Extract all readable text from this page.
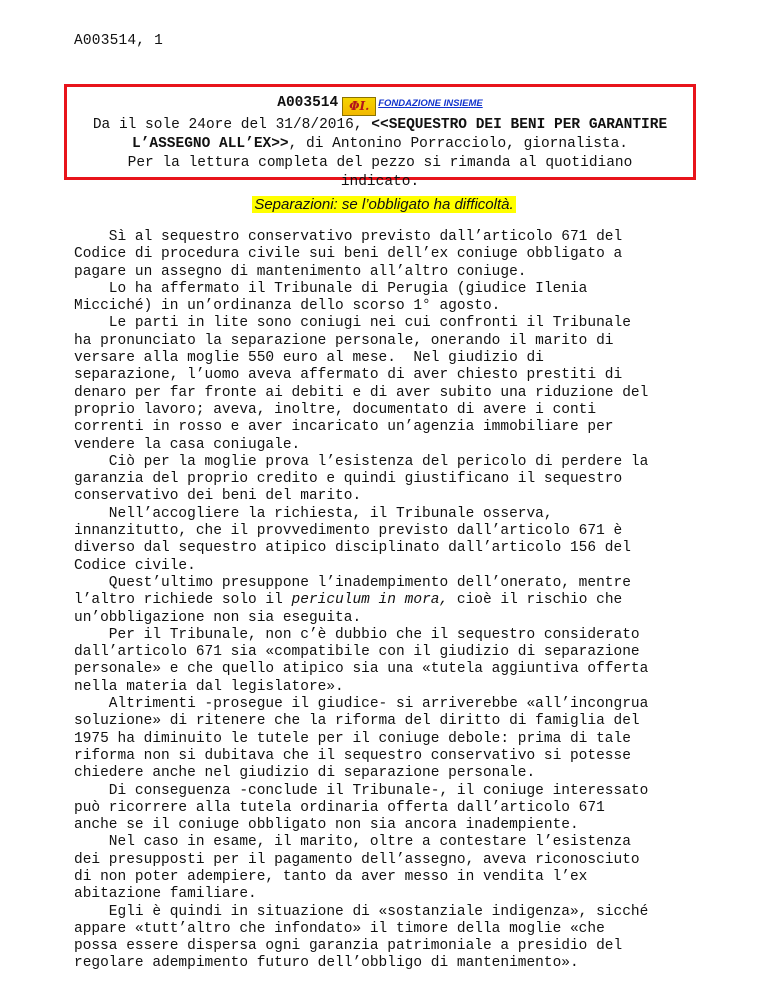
A003514, 1
A003514 ΦI. FONDAZIONE INSIEME
Da il sole 24ore del 31/8/2016, <<SEQUESTRO DEI BENI PER GARANTIRE
L’ASSEGNO ALL’EX>>, di Antonino Porracciolo, giornalista.
Per la lettura completa del pezzo si rimanda al quotidiano
indicato.
Separazioni: se l’obbligato ha difficoltà.
Sì al sequestro conservativo previsto dall’articolo 671 del
Codice di procedura civile sui beni dell’ex coniuge obbligato a
pagare un assegno di mantenimento all’altro coniuge.
Lo ha affermato il Tribunale di Perugia (giudice Ilenia
Micciché) in un’ordinanza dello scorso 1° agosto.
Le parti in lite sono coniugi nei cui confronti il Tribunale
ha pronunciato la separazione personale, onerando il marito di
versare alla moglie 550 euro al mese.  Nel giudizio di
separazione, l’uomo aveva affermato di aver chiesto prestiti di
denaro per far fronte ai debiti e di aver subito una riduzione del
proprio lavoro; aveva, inoltre, documentato di avere i conti
correnti in rosso e aver incaricato un’agenzia immobiliare per
vendere la casa coniugale.
Ciò per la moglie prova l’esistenza del pericolo di perdere la
garanzia del proprio credito e quindi giustificano il sequestro
conservativo dei beni del marito.
Nell’accogliere la richiesta, il Tribunale osserva,
innanzitutto, che il provvedimento previsto dall’articolo 671 è
diverso dal sequestro atipico disciplinato dall’articolo 156 del
Codice civile.
Quest’ultimo presuppone l’inadempimento dell’onerato, mentre
l’altro richiede solo il periculum in mora, cioè il rischio che
un’obbligazione non sia eseguita.
Per il Tribunale, non c’è dubbio che il sequestro considerato
dall’articolo 671 sia «compatibile con il giudizio di separazione
personale» e che quello atipico sia una «tutela aggiuntiva offerta
nella materia dal legislatore».
Altrimenti -prosegue il giudice- si arriverebbe «all’incongrua
soluzione» di ritenere che la riforma del diritto di famiglia del
1975 ha diminuito le tutele per il coniuge debole: prima di tale
riforma non si dubitava che il sequestro conservativo si potesse
chiedere anche nel giudizio di separazione personale.
Di conseguenza -conclude il Tribunale-, il coniuge interessato
può ricorrere alla tutela ordinaria offerta dall’articolo 671
anche se il coniuge obbligato non sia ancora inadempiente.
Nel caso in esame, il marito, oltre a contestare l’esistenza
dei presupposti per il pagamento dell’assegno, aveva riconosciuto
di non poter adempiere, tanto da aver messo in vendita l’ex
abitazione familiare.
Egli è quindi in situazione di «sostanziale indigenza», sicché
appare «tutt’altro che infondato» il timore della moglie «che
possa essere dispersa ogni garanzia patrimoniale a presidio del
regolare adempimento futuro dell’obbligo di mantenimento».
